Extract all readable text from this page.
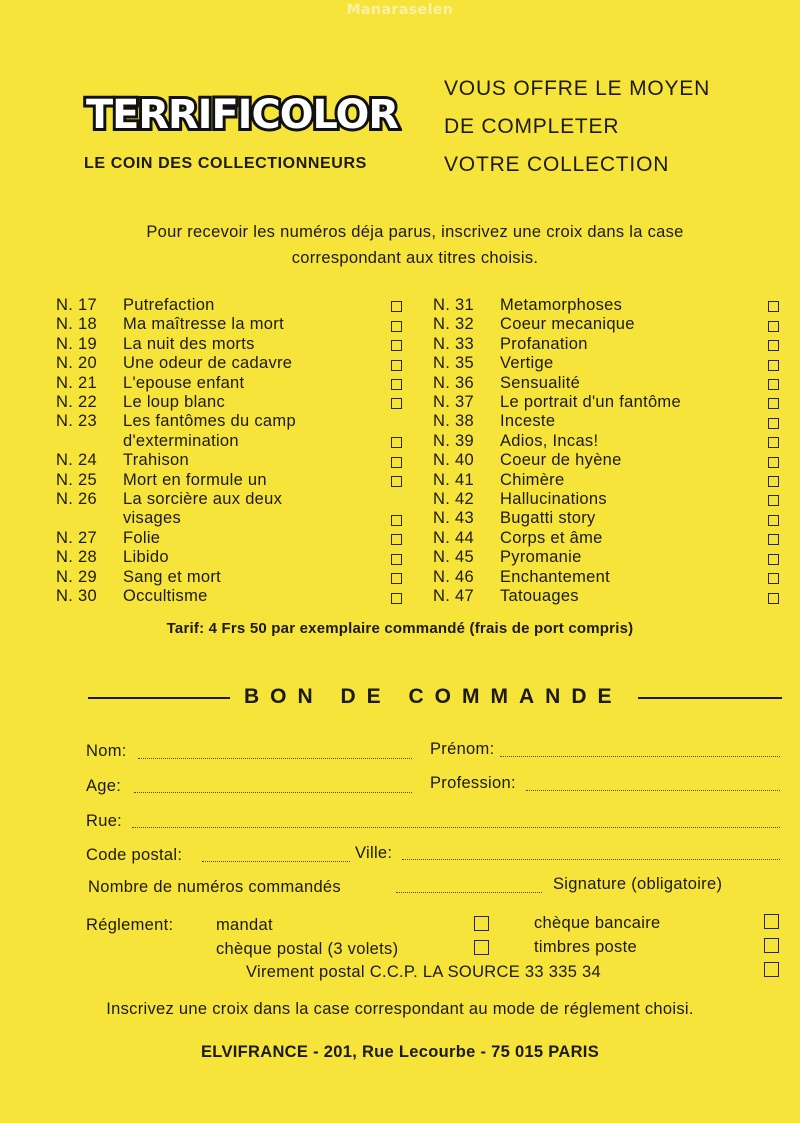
Manaraselen
TERRIFICOLOR
LE COIN DES COLLECTIONNEURS
VOUS OFFRE LE MOYEN
DE COMPLETER
VOTRE COLLECTION
Pour recevoir les numéros déja parus, inscrivez une croix dans la case
correspondant aux titres choisis.
N. 17	Putrefaction
N. 18	Ma maîtresse la mort
N. 19	La nuit des morts
N. 20	Une odeur de cadavre
N. 21	L'epouse enfant
N. 22	Le loup blanc
N. 23	Les fantômes du camp
d'extermination
N. 24	Trahison
N. 25	Mort en formule un
N. 26	La sorcière aux deux
visages
N. 27	Folie
N. 28	Libido
N. 29	Sang et mort
N. 30	Occultisme
N. 31	Metamorphoses
N. 32	Coeur mecanique
N. 33	Profanation
N. 35	Vertige
N. 36	Sensualité
N. 37	Le portrait d'un fantôme
N. 38	Inceste
N. 39	Adios, Incas!
N. 40	Coeur de hyène
N. 41	Chimère
N. 42	Hallucinations
N. 43	Bugatti story
N. 44	Corps et âme
N. 45	Pyromanie
N. 46	Enchantement
N. 47	Tatouages
Tarif: 4 Frs 50 par exemplaire commandé (frais de port compris)
BON DE COMMANDE
Nom:	Prénom:
Age:	Profession:
Rue:
Code postal:	Ville:
Nombre de numéros commandés	Signature (obligatoire)
Réglement:	mandat
chèque postal (3 volets)
Virement postal C.C.P. LA SOURCE 33 335 34
chèque bancaire
timbres poste
Inscrivez une croix dans la case correspondant au mode de réglement choisi.
ELVIFRANCE - 201, Rue Lecourbe - 75 015 PARIS
